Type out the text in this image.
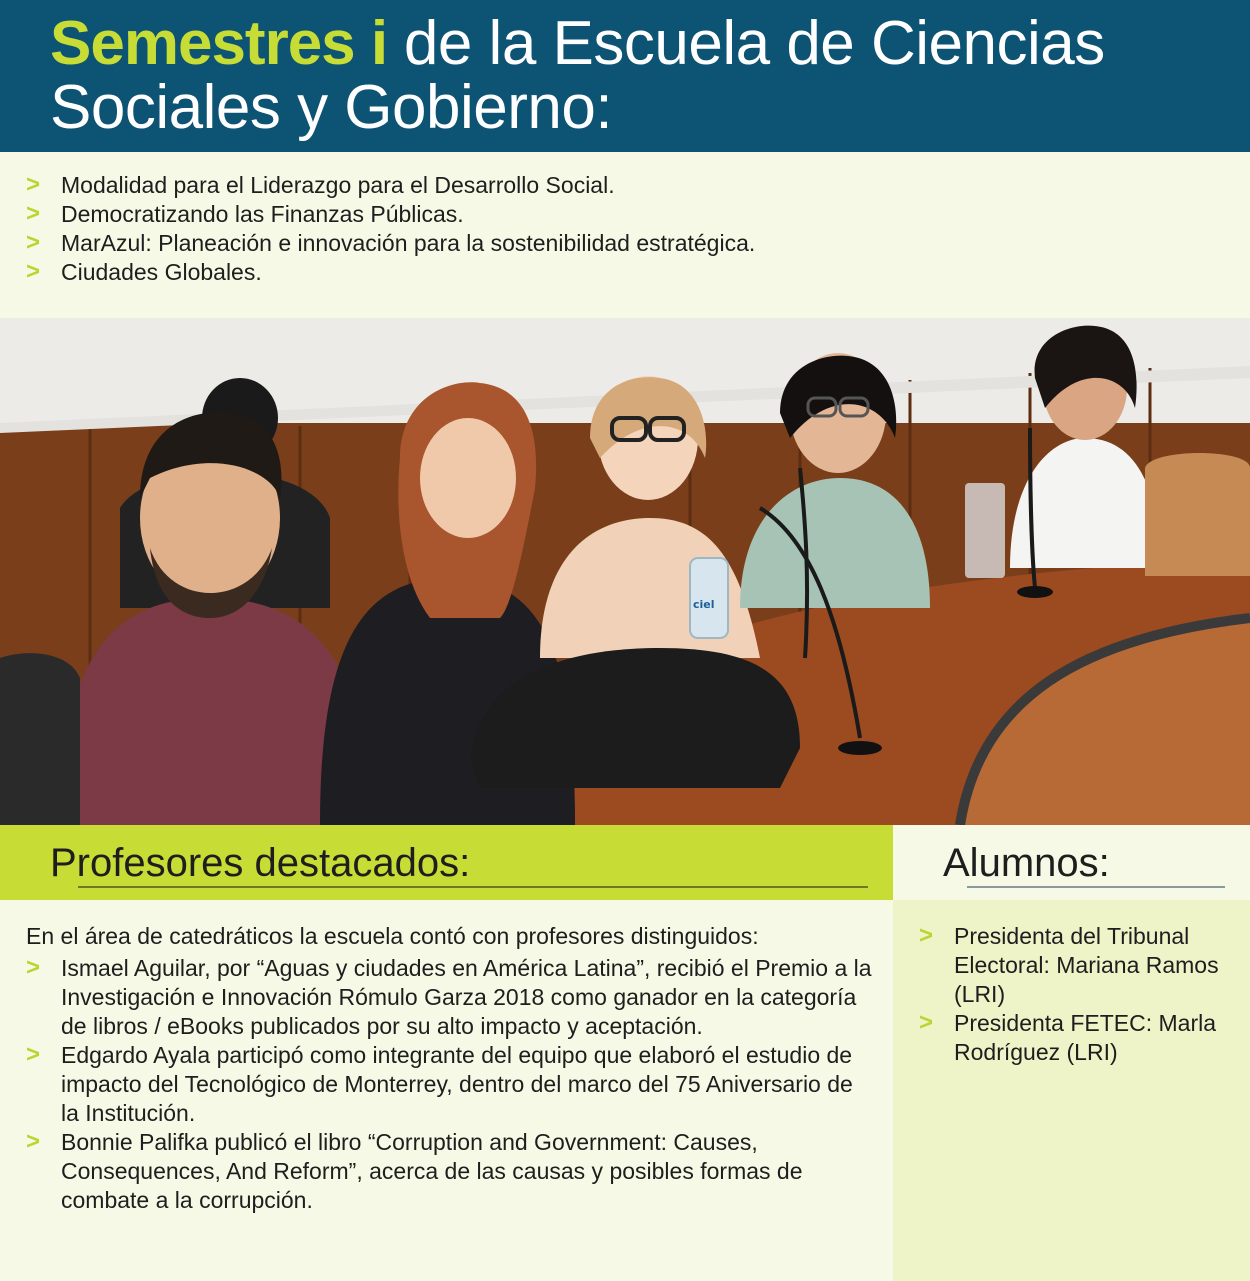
Semestres i de la Escuela de Ciencias Sociales y Gobierno:
> Modalidad para el Liderazgo para el Desarrollo Social.
> Democratizando las Finanzas Públicas.
> MarAzul: Planeación e innovación para la sostenibilidad estratégica.
> Ciudades Globales.
ciel
Profesores destacados:	Alumnos:

En el área de catedráticos la escuela contó con profesores distinguidos:

> Ismael Aguilar, por “Aguas y ciudades en América Latina”, recibió el Premio a la Investigación e Innovación Rómulo Garza 2018 como ganador en la categoría de libros / eBooks publicados por su alto impacto y aceptación.
> Edgardo Ayala participó como integrante del equipo que elaboró el estudio de impacto del Tecnológico de Monterrey, dentro del marco del 75 Aniversario de la Institución.
> Bonnie Palifka publicó el libro “Corruption and Government: Causes, Consequences, And Reform”, acerca de las causas y posibles formas de combate a la corrupción.
> Presidenta del Tribunal Electoral: Mariana Ramos (LRI)
> Presidenta FETEC: Marla Rodríguez (LRI)
